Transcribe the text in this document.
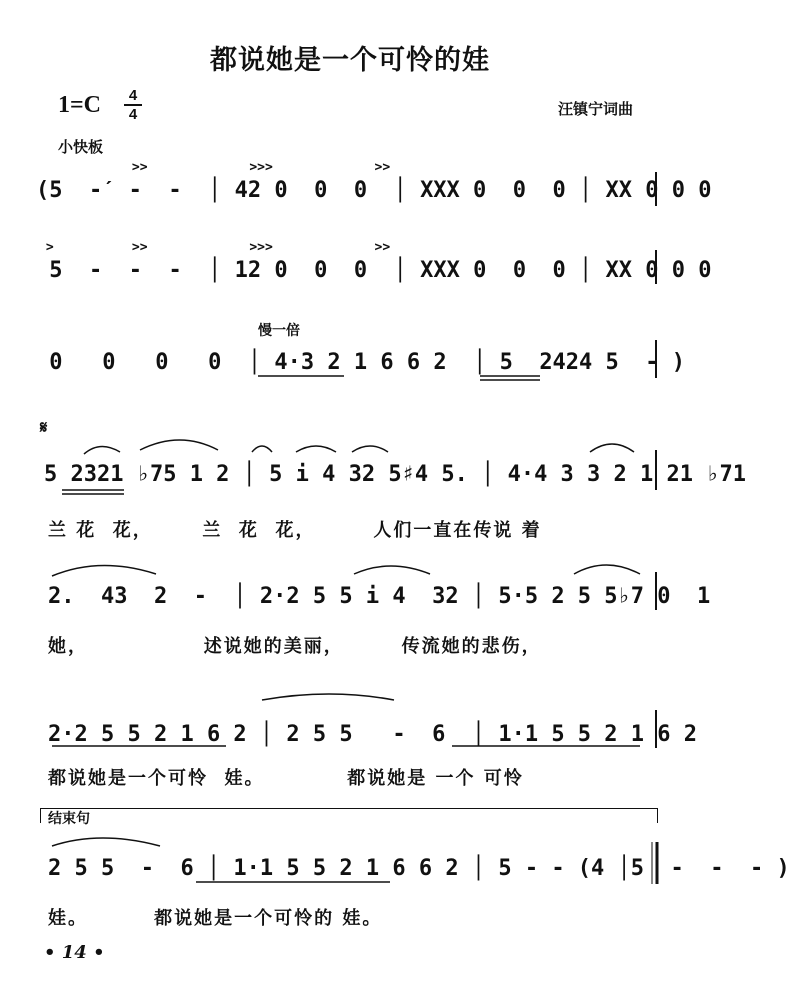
都说她是一个可怜的娃
1=C	4
4	汪镇宁词曲
小快板
>>             >>>             >>
(5  -ˊ -  -  │ 42 0  0  0  │ XXX 0  0  0 │ XX 0 0 0
>          >>             >>>             >>
5  -  -  -  │ 12 0  0  0  │ XXX 0  0  0 │ XX 0 0 0
慢一倍
0   0   0   0  │ 4·3 2 1 6 6 2  │ 5  2424 5  - )
𝄋
5 2321 ♭75 1 2 │ 5 i 4 32 5♯4 5. │ 4·4 3 3 2 1 21 ♭71
兰 花  花，      兰  花  花，       人们一直在传说 着
2.  43  2  -  │ 2·2 5 5 i 4  32 │ 5·5 2 5 5♭7 0  1
她，              述说她的美丽，       传流她的悲伤，
2·2 5 5 2 1 6 2 │ 2 5 5   -  6  │ 1·1 5 5 2 1 6 2
都说她是一个可怜  娃。          都说她是 一个 可怜
结束句
2 5 5  -  6 │ 1·1 5 5 2 1 6 6 2 │ 5 - - (4 │5  -  -  - )
娃。        都说她是一个可怜的 娃。
• 14 •
